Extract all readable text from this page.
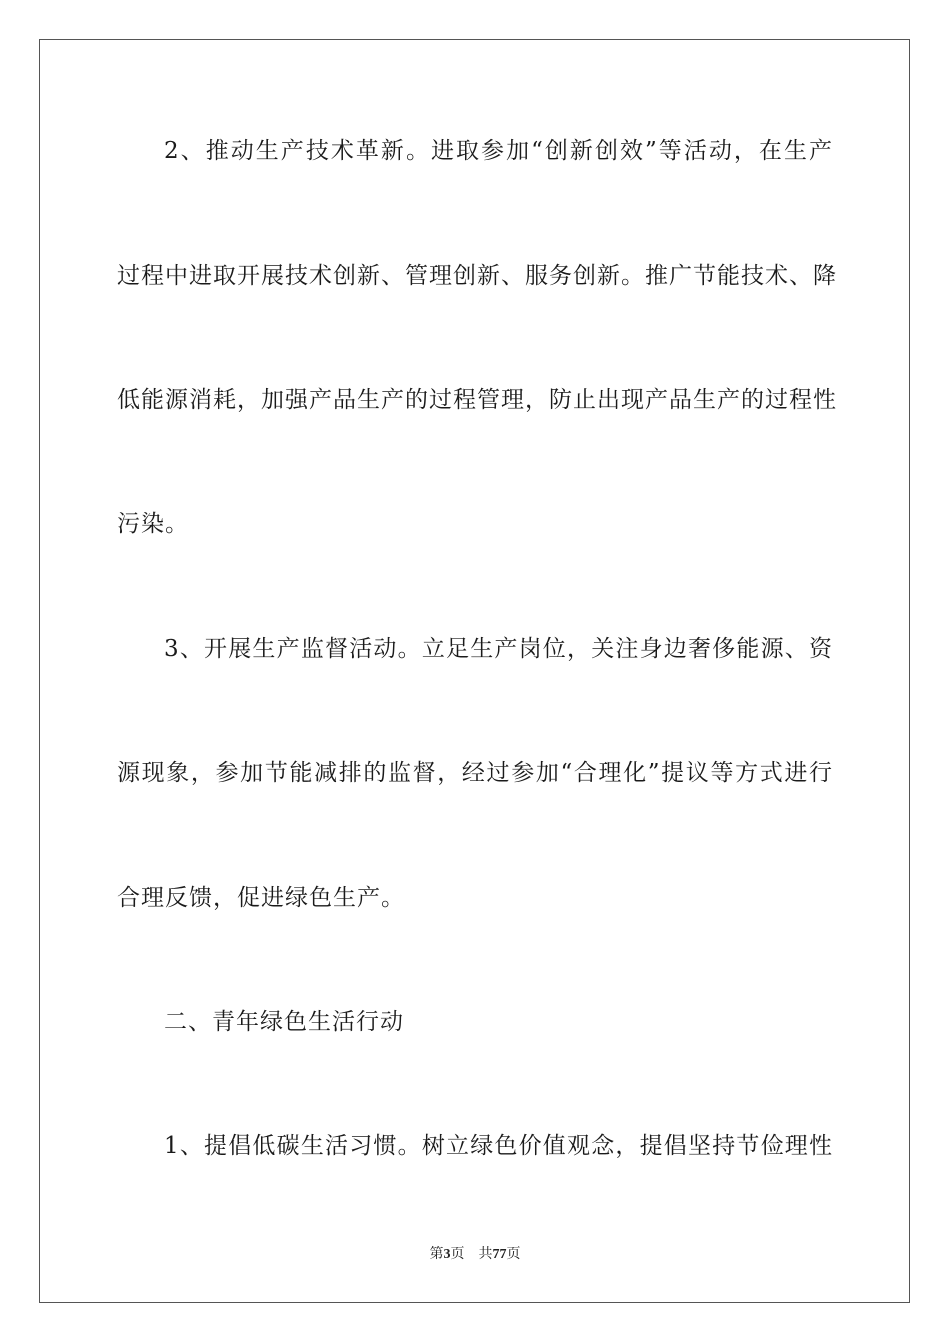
2、推动生产技术革新。进取参加“创新创效”等活动，在生产
过程中进取开展技术创新、管理创新、服务创新。推广节能技术、降
低能源消耗，加强产品生产的过程管理，防止出现产品生产的过程性
污染。
3、开展生产监督活动。立足生产岗位，关注身边奢侈能源、资
源现象，参加节能减排的监督，经过参加“合理化”提议等方式进行
合理反馈，促进绿色生产。
二、青年绿色生活行动
1、提倡低碳生活习惯。树立绿色价值观念，提倡坚持节俭理性
第3页 共77页
